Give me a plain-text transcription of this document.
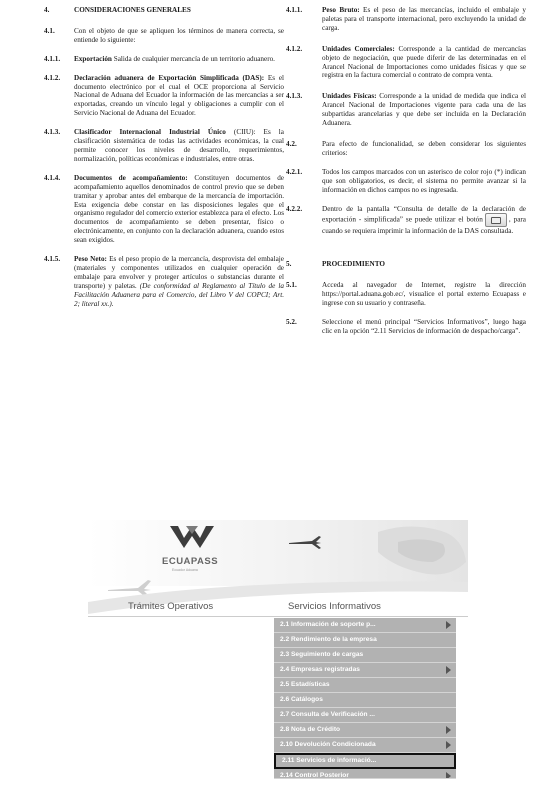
4.	CONSIDERACIONES GENERALES
4.1.	Con el objeto de que se apliquen los términos de manera correcta, se entiende lo siguiente:
4.1.1.	Exportación Salida de cualquier mercancía de un territorio aduanero.
4.1.2.	Declaración aduanera de Exportación Simplificada (DAS): Es el documento electrónico por el cual el OCE proporciona al Servicio Nacional de Aduana del Ecuador la información de las mercancías a ser exportadas, creando un vínculo legal y obligaciones a cumplir con el Servicio Nacional de Aduana del Ecuador.
4.1.3.	Clasificador Internacional Industrial Único (CIIU): Es la clasificación sistemática de todas las actividades económicas, la cual permite conocer los niveles de desarrollo, requerimientos, normalización, políticas económicas e industriales, entre otras.
4.1.4.	Documentos de acompañamiento: Constituyen documentos de acompañamiento aquellos denominados de control previo que se deben tramitar y aprobar antes del embarque de la mercancía de importación. Esta exigencia debe constar en las disposiciones legales que el organismo regulador del comercio exterior establezca para el efecto. Los documentos de acompañamiento se deben presentar, físico o electrónicamente, en conjunto con la declaración aduanera, cuando estos sean exigidos.
4.1.5.	Peso Neto: Es el peso propio de la mercancía, desprovista del embalaje (materiales y componentes utilizados en cualquier operación de embalaje para envolver y proteger artículos o substancias durante el transporte) y paletas. (De conformidad al Reglamento al Título de la Facilitación Aduanera para el Comercio, del Libro V del COPCI; Art. 2; literal xx.).
4.1.1.	Peso Bruto: Es el peso de las mercancías, incluido el embalaje y paletas para el transporte internacional, pero excluyendo la unidad de carga.
4.1.2.	Unidades Comerciales: Corresponde a la cantidad de mercancías objeto de negociación, que puede diferir de las determinadas en el Arancel Nacional de Importaciones como unidades físicas y que se registra en la factura comercial o contrato de compra venta.
4.1.3.	Unidades Físicas: Corresponde a la unidad de medida que indica el Arancel Nacional de Importaciones vigente para cada una de las subpartidas arancelarias y que debe ser incluida en la Declaración Aduanera.
4.2.	Para efecto de funcionalidad, se deben considerar los siguientes criterios:
4.2.1.	Todos los campos marcados con un asterisco de color rojo (*) indican que son obligatorios, es decir, el sistema no permite avanzar si la información en dichos campos no es ingresada.
4.2.2.	Dentro de la pantalla “Consulta de detalle de la declaración de exportación - simplificada” se puede utilizar el botón	, para cuando se requiera imprimir la información de la DAS consultada.
5.	PROCEDIMIENTO
5.1.	Acceda al navegador de Internet, registre la dirección https://portal.aduana.gob.ec/, visualice el portal externo Ecuapass e ingrese con su usuario y contraseña.
5.2.	Seleccione el menú principal “Servicios Informativos”, luego haga clic en la opción “2.11 Servicios de información de despacho/carga”.
ECUAPASS
Ecuador Aduana
Trámites Operativos	Servicios Informativos
2.1 Información de soporte p...
2.2 Rendimiento de la empresa
2.3 Seguimiento de cargas
2.4 Empresas registradas
2.5 Estadísticas
2.6 Catálogos
2.7 Consulta de Verificación ...
2.8 Nota de Crédito
2.10 Devolución Condicionada
2.11 Servicios de informació...
2.14 Control Posterior
